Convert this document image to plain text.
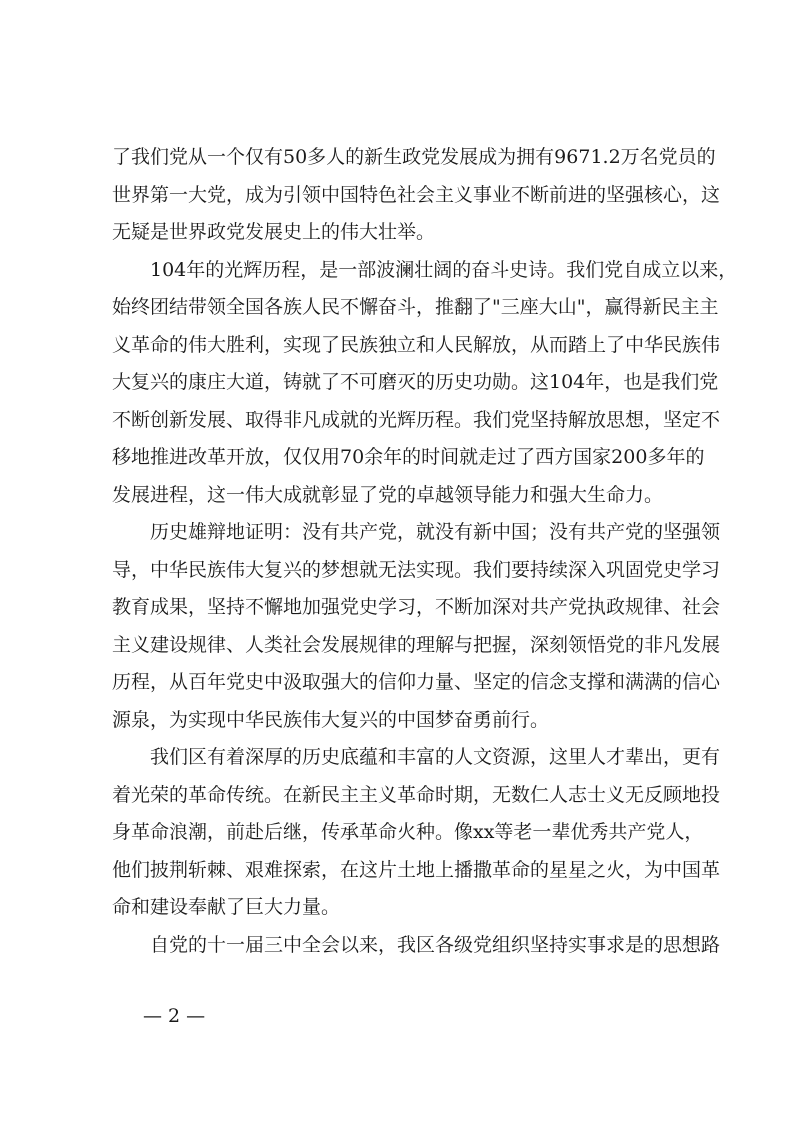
了我们党从一个仅有50多人的新生政党发展成为拥有9671.2万名党员的
世界第一大党，成为引领中国特色社会主义事业不断前进的坚强核心，这
无疑是世界政党发展史上的伟大壮举。
104年的光辉历程，是一部波澜壮阔的奋斗史诗。我们党自成立以来，
始终团结带领全国各族人民不懈奋斗，推翻了"三座大山"，赢得新民主主
义革命的伟大胜利，实现了民族独立和人民解放，从而踏上了中华民族伟
大复兴的康庄大道，铸就了不可磨灭的历史功勋。这104年，也是我们党
不断创新发展、取得非凡成就的光辉历程。我们党坚持解放思想，坚定不
移地推进改革开放，仅仅用70余年的时间就走过了西方国家200多年的
发展进程，这一伟大成就彰显了党的卓越领导能力和强大生命力。
历史雄辩地证明：没有共产党，就没有新中国；没有共产党的坚强领
导，中华民族伟大复兴的梦想就无法实现。我们要持续深入巩固党史学习
教育成果，坚持不懈地加强党史学习，不断加深对共产党执政规律、社会
主义建设规律、人类社会发展规律的理解与把握，深刻领悟党的非凡发展
历程，从百年党史中汲取强大的信仰力量、坚定的信念支撑和满满的信心
源泉，为实现中华民族伟大复兴的中国梦奋勇前行。
我们区有着深厚的历史底蕴和丰富的人文资源，这里人才辈出，更有
着光荣的革命传统。在新民主主义革命时期，无数仁人志士义无反顾地投
身革命浪潮，前赴后继，传承革命火种。像xx等老一辈优秀共产党人，
他们披荆斩棘、艰难探索，在这片土地上播撒革命的星星之火，为中国革
命和建设奉献了巨大力量。
自党的十一届三中全会以来，我区各级党组织坚持实事求是的思想路
— 2 —
